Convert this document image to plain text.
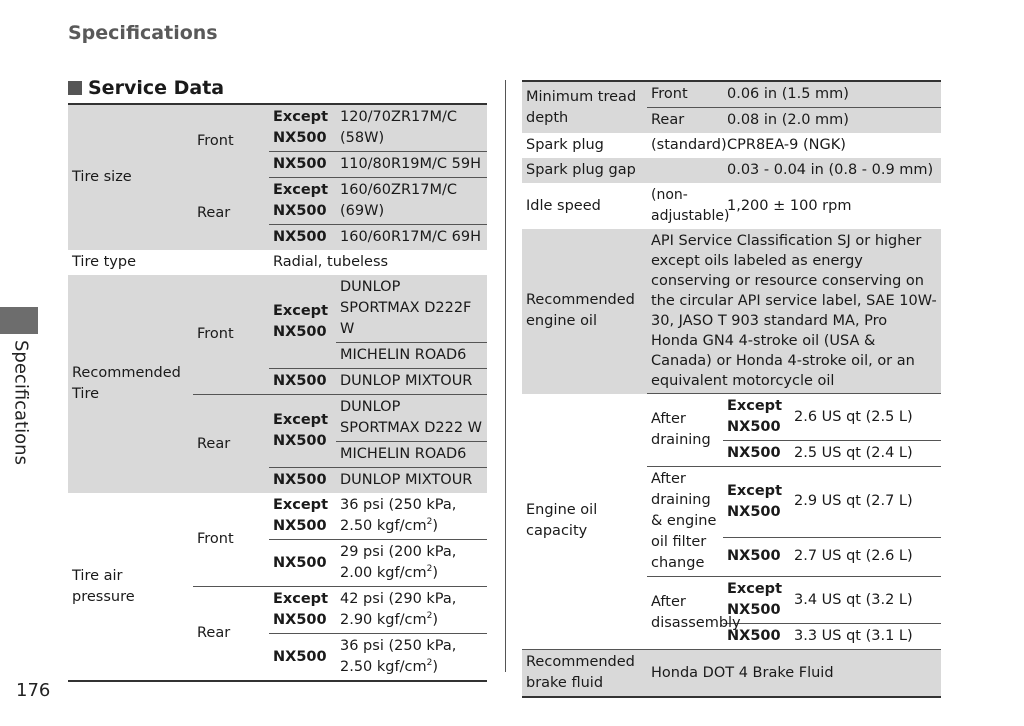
Specifications
Specifications
176
Service Data
Tire size	Front	Except NX500	120/70ZR17M/C (58W)
		NX500	110/80R19M/C 59H
	Rear	Except NX500	160/60ZR17M/C (69W)
		NX500	160/60R17M/C 69H
Tire type		Radial, tubeless	
Recommended Tire	Front	Except NX500	DUNLOP SPORTMAX D222F W
			MICHELIN ROAD6
		NX500	DUNLOP MIXTOUR
	Rear	Except NX500	DUNLOP SPORTMAX D222 W
			MICHELIN ROAD6
		NX500	DUNLOP MIXTOUR
Tire air pressure	Front	Except NX500	36 psi (250 kPa, 2.50 kgf/$cm^2$)
		NX500	29 psi (200 kPa, 2.00 kgf/$cm^2$)
	Rear	Except NX500	42 psi (290 kPa, 2.90 kgf/$cm^2$)
		NX500	36 psi (250 kPa, 2.50 kgf/$cm^2$)
Minimum tread depth	Front	0.06 in (1.5 mm)	
	Rear	0.08 in (2.0 mm)	
Spark plug	(standard)	CPR8EA-9 (NGK)	
Spark plug gap		0.03 - 0.04 in (0.8 - 0.9 mm)	
Idle speed	(non-adjustable)	1,200 ± 100 rpm	
Recommended engine oil	API Service Classification SJ or higher except oils labeled as energy conserving or resource conserving on the circular API service label, SAE 10W-30, JASO T 903 standard MA, Pro Honda GN4 4-stroke oil (USA & Canada) or Honda 4-stroke oil, or an equivalent motorcycle oil		
Engine oil capacity	After draining	Except NX500	2.6 US qt (2.5 L)
		NX500	2.5 US qt (2.4 L)
	After draining & engine oil filter change	Except NX500	2.9 US qt (2.7 L)
		NX500	2.7 US qt (2.6 L)
	After disassembly	Except NX500	3.4 US qt (3.2 L)
		NX500	3.3 US qt (3.1 L)
Recommended brake fluid	Honda DOT 4 Brake Fluid		
